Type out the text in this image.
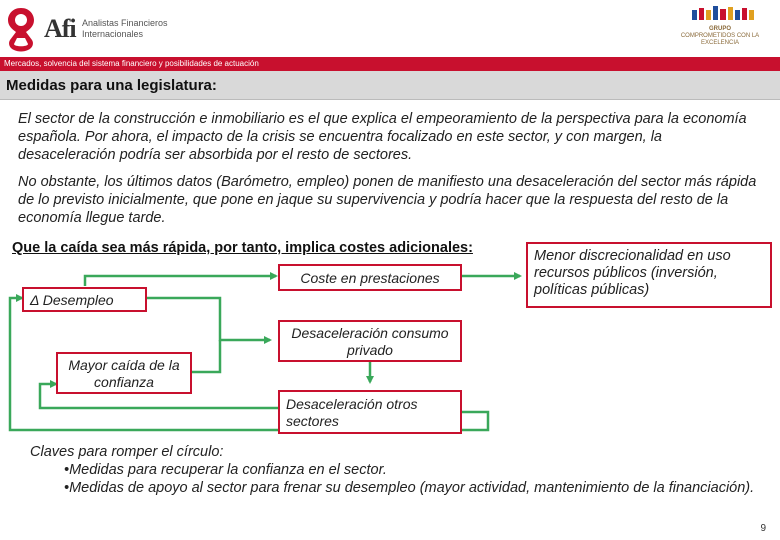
Afi Analistas Financieros Internacionales	GRUPO
COMPROMETIDOS CON LA EXCELENCIA
Mercados, solvencia del sistema financiero y posibilidades de actuación
Medidas para una legislatura:
El sector de la construcción e inmobiliario es el que explica el empeoramiento de la perspectiva para la economía española. Por ahora, el impacto de la crisis se encuentra focalizado en este sector, y con margen, la desaceleración podría ser absorbida por el resto de sectores.
No obstante, los últimos datos (Barómetro, empleo) ponen de manifiesto una desaceleración del sector más rápida de lo previsto inicialmente, que pone en jaque su supervivencia y podría hacer que la respuesta del resto de la economía llegue tarde.
Que la caída sea más rápida, por tanto, implica costes adicionales:	Menor discrecionalidad en uso recursos públicos (inversión, políticas públicas)
Coste en prestaciones
Δ Desempleo
Desaceleración consumo privado
Mayor caída de la confianza
Desaceleración otros sectores
Claves para romper el círculo:
•Medidas para recuperar la confianza en el sector.
•Medidas de apoyo al sector para frenar su desempleo (mayor actividad, mantenimiento de la financiación).
9
